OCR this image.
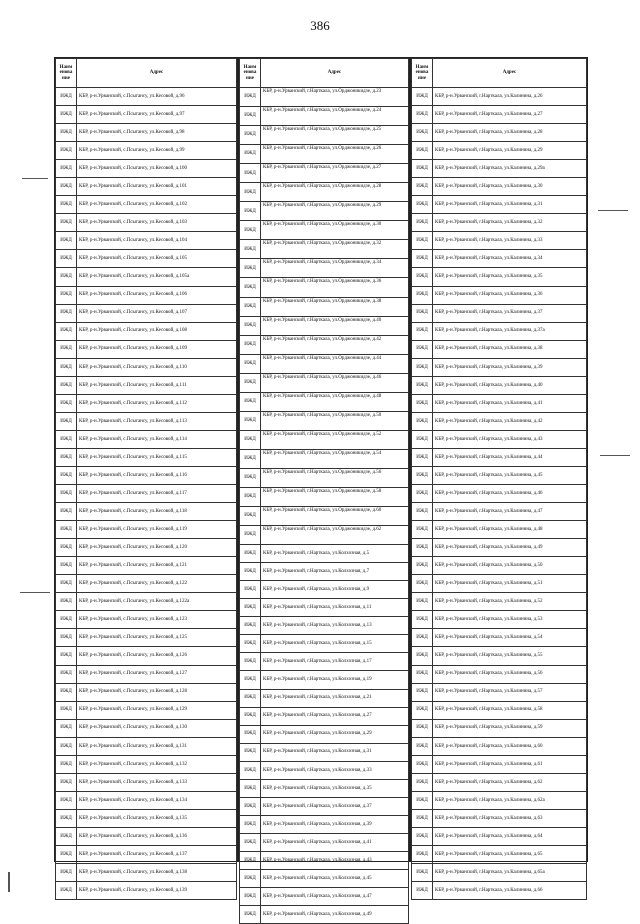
386
Наим енова ние	Адрес
ИЖД	КБР, р-н.Урванский, с.Псыгансу, ул.Кесовой, д.96
ИЖД	КБР, р-н.Урванский, с.Псыгансу, ул.Кесовой, д.97
ИЖД	КБР, р-н.Урванский, с.Псыгансу, ул.Кесовой, д.98
ИЖД	КБР, р-н.Урванский, с.Псыгансу, ул.Кесовой, д.99
ИЖД	КБР, р-н.Урванский, с.Псыгансу, ул.Кесовой, д.100
ИЖД	КБР, р-н.Урванский, с.Псыгансу, ул.Кесовой, д.101
ИЖД	КБР, р-н.Урванский, с.Псыгансу, ул.Кесовой, д.102
ИЖД	КБР, р-н.Урванский, с.Псыгансу, ул.Кесовой, д.103
ИЖД	КБР, р-н.Урванский, с.Псыгансу, ул.Кесовой, д.104
ИЖД	КБР, р-н.Урванский, с.Псыгансу, ул.Кесовой, д.105
ИЖД	КБР, р-н.Урванский, с.Псыгансу, ул.Кесовой, д.105а
ИЖД	КБР, р-н.Урванский, с.Псыгансу, ул.Кесовой, д.106
ИЖД	КБР, р-н.Урванский, с.Псыгансу, ул.Кесовой, д.107
ИЖД	КБР, р-н.Урванский, с.Псыгансу, ул.Кесовой, д.108
ИЖД	КБР, р-н.Урванский, с.Псыгансу, ул.Кесовой, д.109
ИЖД	КБР, р-н.Урванский, с.Псыгансу, ул.Кесовой, д.110
ИЖД	КБР, р-н.Урванский, с.Псыгансу, ул.Кесовой, д.111
ИЖД	КБР, р-н.Урванский, с.Псыгансу, ул.Кесовой, д.112
ИЖД	КБР, р-н.Урванский, с.Псыгансу, ул.Кесовой, д.113
ИЖД	КБР, р-н.Урванский, с.Псыгансу, ул.Кесовой, д.114
ИЖД	КБР, р-н.Урванский, с.Псыгансу, ул.Кесовой, д.115
ИЖД	КБР, р-н.Урванский, с.Псыгансу, ул.Кесовой, д.116
ИЖД	КБР, р-н.Урванский, с.Псыгансу, ул.Кесовой, д.117
ИЖД	КБР, р-н.Урванский, с.Псыгансу, ул.Кесовой, д.118
ИЖД	КБР, р-н.Урванский, с.Псыгансу, ул.Кесовой, д.119
ИЖД	КБР, р-н.Урванский, с.Псыгансу, ул.Кесовой, д.120
ИЖД	КБР, р-н.Урванский, с.Псыгансу, ул.Кесовой, д.121
ИЖД	КБР, р-н.Урванский, с.Псыгансу, ул.Кесовой, д.122
ИЖД	КБР, р-н.Урванский, с.Псыгансу, ул.Кесовой, д.122а
ИЖД	КБР, р-н.Урванский, с.Псыгансу, ул.Кесовой, д.123
ИЖД	КБР, р-н.Урванский, с.Псыгансу, ул.Кесовой, д.125
ИЖД	КБР, р-н.Урванский, с.Псыгансу, ул.Кесовой, д.126
ИЖД	КБР, р-н.Урванский, с.Псыгансу, ул.Кесовой, д.127
ИЖД	КБР, р-н.Урванский, с.Псыгансу, ул.Кесовой, д.128
ИЖД	КБР, р-н.Урванский, с.Псыгансу, ул.Кесовой, д.129
ИЖД	КБР, р-н.Урванский, с.Псыгансу, ул.Кесовой, д.130
ИЖД	КБР, р-н.Урванский, с.Псыгансу, ул.Кесовой, д.131
ИЖД	КБР, р-н.Урванский, с.Псыгансу, ул.Кесовой, д.132
ИЖД	КБР, р-н.Урванский, с.Псыгансу, ул.Кесовой, д.133
ИЖД	КБР, р-н.Урванский, с.Псыгансу, ул.Кесовой, д.134
ИЖД	КБР, р-н.Урванский, с.Псыгансу, ул.Кесовой, д.135
ИЖД	КБР, р-н.Урванский, с.Псыгансу, ул.Кесовой, д.136
ИЖД	КБР, р-н.Урванский, с.Псыгансу, ул.Кесовой, д.137
ИЖД	КБР, р-н.Урванский, с.Псыгансу, ул.Кесовой, д.138
ИЖД	КБР, р-н.Урванский, с.Псыгансу, ул.Кесовой, д.139
Наим енова ние	Адрес
ИЖД	КБР, р-н.Урванский, г.Нарткала, ул.Орджоникидзе, д.23
ИЖД	КБР, р-н.Урванский, г.Нарткала, ул.Орджоникидзе, д.24
ИЖД	КБР, р-н.Урванский, г.Нарткала, ул.Орджоникидзе, д.25
ИЖД	КБР, р-н.Урванский, г.Нарткала, ул.Орджоникидзе, д.26
ИЖД	КБР, р-н.Урванский, г.Нарткала, ул.Орджоникидзе, д.27
ИЖД	КБР, р-н.Урванский, г.Нарткала, ул.Орджоникидзе, д.28
ИЖД	КБР, р-н.Урванский, г.Нарткала, ул.Орджоникидзе, д.29
ИЖД	КБР, р-н.Урванский, г.Нарткала, ул.Орджоникидзе, д.30
ИЖД	КБР, р-н.Урванский, г.Нарткала, ул.Орджоникидзе, д.32
ИЖД	КБР, р-н.Урванский, г.Нарткала, ул.Орджоникидзе, д.34
ИЖД	КБР, р-н.Урванский, г.Нарткала, ул.Орджоникидзе, д.36
ИЖД	КБР, р-н.Урванский, г.Нарткала, ул.Орджоникидзе, д.38
ИЖД	КБР, р-н.Урванский, г.Нарткала, ул.Орджоникидзе, д.40
ИЖД	КБР, р-н.Урванский, г.Нарткала, ул.Орджоникидзе, д.42
ИЖД	КБР, р-н.Урванский, г.Нарткала, ул.Орджоникидзе, д.44
ИЖД	КБР, р-н.Урванский, г.Нарткала, ул.Орджоникидзе, д.46
ИЖД	КБР, р-н.Урванский, г.Нарткала, ул.Орджоникидзе, д.48
ИЖД	КБР, р-н.Урванский, г.Нарткала, ул.Орджоникидзе, д.50
ИЖД	КБР, р-н.Урванский, г.Нарткала, ул.Орджоникидзе, д.52
ИЖД	КБР, р-н.Урванский, г.Нарткала, ул.Орджоникидзе, д.54
ИЖД	КБР, р-н.Урванский, г.Нарткала, ул.Орджоникидзе, д.56
ИЖД	КБР, р-н.Урванский, г.Нарткала, ул.Орджоникидзе, д.58
ИЖД	КБР, р-н.Урванский, г.Нарткала, ул.Орджоникидзе, д.60
ИЖД	КБР, р-н.Урванский, г.Нарткала, ул.Орджоникидзе, д.62
ИЖД	КБР, р-н.Урванский, г.Нарткала, ул.Колхозная, д.5
ИЖД	КБР, р-н.Урванский, г.Нарткала, ул.Колхозная, д.7
ИЖД	КБР, р-н.Урванский, г.Нарткала, ул.Колхозная, д.9
ИЖД	КБР, р-н.Урванский, г.Нарткала, ул.Колхозная, д.11
ИЖД	КБР, р-н.Урванский, г.Нарткала, ул.Колхозная, д.13
ИЖД	КБР, р-н.Урванский, г.Нарткала, ул.Колхозная, д.15
ИЖД	КБР, р-н.Урванский, г.Нарткала, ул.Колхозная, д.17
ИЖД	КБР, р-н.Урванский, г.Нарткала, ул.Колхозная, д.19
ИЖД	КБР, р-н.Урванский, г.Нарткала, ул.Колхозная, д.21
ИЖД	КБР, р-н.Урванский, г.Нарткала, ул.Колхозная, д.27
ИЖД	КБР, р-н.Урванский, г.Нарткала, ул.Колхозная, д.29
ИЖД	КБР, р-н.Урванский, г.Нарткала, ул.Колхозная, д.31
ИЖД	КБР, р-н.Урванский, г.Нарткала, ул.Колхозная, д.33
ИЖД	КБР, р-н.Урванский, г.Нарткала, ул.Колхозная, д.35
ИЖД	КБР, р-н.Урванский, г.Нарткала, ул.Колхозная, д.37
ИЖД	КБР, р-н.Урванский, г.Нарткала, ул.Колхозная, д.39
ИЖД	КБР, р-н.Урванский, г.Нарткала, ул.Колхозная, д.41
ИЖД	КБР, р-н.Урванский, г.Нарткала, ул.Колхозная, д.43
ИЖД	КБР, р-н.Урванский, г.Нарткала, ул.Колхозная, д.45
ИЖД	КБР, р-н.Урванский, г.Нарткала, ул.Колхозная, д.47
ИЖД	КБР, р-н.Урванский, г.Нарткала, ул.Колхозная, д.49
Наим енова ние	Адрес
ИЖД	КБР, р-н.Урванский, г.Нарткала, ул.Калинина, д.26
ИЖД	КБР, р-н.Урванский, г.Нарткала, ул.Калинина, д.27
ИЖД	КБР, р-н.Урванский, г.Нарткала, ул.Калинина, д.28
ИЖД	КБР, р-н.Урванский, г.Нарткала, ул.Калинина, д.29
ИЖД	КБР, р-н.Урванский, г.Нарткала, ул.Калинина, д.29а
ИЖД	КБР, р-н.Урванский, г.Нарткала, ул.Калинина, д.30
ИЖД	КБР, р-н.Урванский, г.Нарткала, ул.Калинина, д.31
ИЖД	КБР, р-н.Урванский, г.Нарткала, ул.Калинина, д.32
ИЖД	КБР, р-н.Урванский, г.Нарткала, ул.Калинина, д.33
ИЖД	КБР, р-н.Урванский, г.Нарткала, ул.Калинина, д.34
ИЖД	КБР, р-н.Урванский, г.Нарткала, ул.Калинина, д.35
ИЖД	КБР, р-н.Урванский, г.Нарткала, ул.Калинина, д.36
ИЖД	КБР, р-н.Урванский, г.Нарткала, ул.Калинина, д.37
ИЖД	КБР, р-н.Урванский, г.Нарткала, ул.Калинина, д.37а
ИЖД	КБР, р-н.Урванский, г.Нарткала, ул.Калинина, д.38
ИЖД	КБР, р-н.Урванский, г.Нарткала, ул.Калинина, д.39
ИЖД	КБР, р-н.Урванский, г.Нарткала, ул.Калинина, д.40
ИЖД	КБР, р-н.Урванский, г.Нарткала, ул.Калинина, д.41
ИЖД	КБР, р-н.Урванский, г.Нарткала, ул.Калинина, д.42
ИЖД	КБР, р-н.Урванский, г.Нарткала, ул.Калинина, д.43
ИЖД	КБР, р-н.Урванский, г.Нарткала, ул.Калинина, д.44
ИЖД	КБР, р-н.Урванский, г.Нарткала, ул.Калинина, д.45
ИЖД	КБР, р-н.Урванский, г.Нарткала, ул.Калинина, д.46
ИЖД	КБР, р-н.Урванский, г.Нарткала, ул.Калинина, д.47
ИЖД	КБР, р-н.Урванский, г.Нарткала, ул.Калинина, д.48
ИЖД	КБР, р-н.Урванский, г.Нарткала, ул.Калинина, д.49
ИЖД	КБР, р-н.Урванский, г.Нарткала, ул.Калинина, д.50
ИЖД	КБР, р-н.Урванский, г.Нарткала, ул.Калинина, д.51
ИЖД	КБР, р-н.Урванский, г.Нарткала, ул.Калинина, д.52
ИЖД	КБР, р-н.Урванский, г.Нарткала, ул.Калинина, д.53
ИЖД	КБР, р-н.Урванский, г.Нарткала, ул.Калинина, д.54
ИЖД	КБР, р-н.Урванский, г.Нарткала, ул.Калинина, д.55
ИЖД	КБР, р-н.Урванский, г.Нарткала, ул.Калинина, д.56
ИЖД	КБР, р-н.Урванский, г.Нарткала, ул.Калинина, д.57
ИЖД	КБР, р-н.Урванский, г.Нарткала, ул.Калинина, д.58
ИЖД	КБР, р-н.Урванский, г.Нарткала, ул.Калинина, д.59
ИЖД	КБР, р-н.Урванский, г.Нарткала, ул.Калинина, д.60
ИЖД	КБР, р-н.Урванский, г.Нарткала, ул.Калинина, д.61
ИЖД	КБР, р-н.Урванский, г.Нарткала, ул.Калинина, д.62
ИЖД	КБР, р-н.Урванский, г.Нарткала, ул.Калинина, д.62а
ИЖД	КБР, р-н.Урванский, г.Нарткала, ул.Калинина, д.63
ИЖД	КБР, р-н.Урванский, г.Нарткала, ул.Калинина, д.64
ИЖД	КБР, р-н.Урванский, г.Нарткала, ул.Калинина, д.65
ИЖД	КБР, р-н.Урванский, г.Нарткала, ул.Калинина, д.65а
ИЖД	КБР, р-н.Урванский, г.Нарткала, ул.Калинина, д.66
